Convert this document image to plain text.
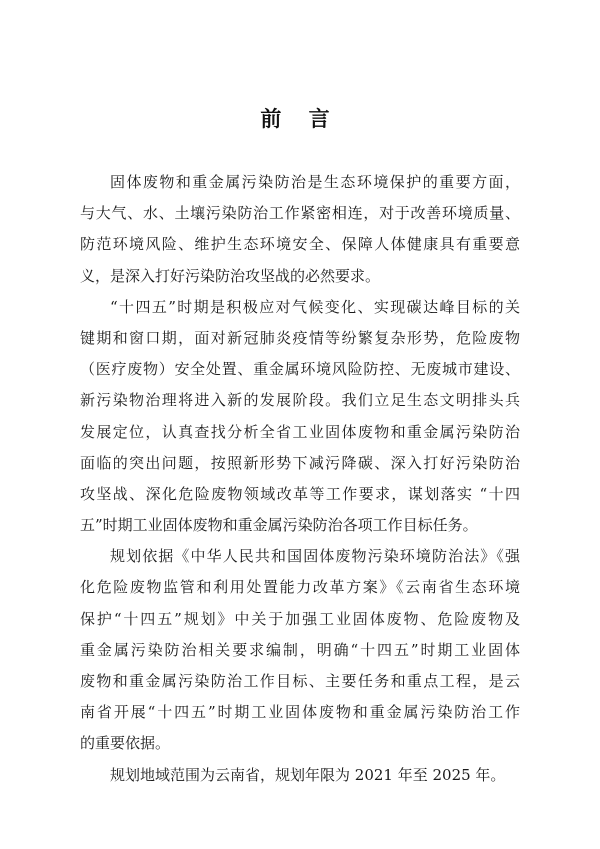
前 言
固体废物和重金属污染防治是生态环境保护的重要方面，
与大气、水、土壤污染防治工作紧密相连，对于改善环境质量、
防范环境风险、维护生态环境安全、保障人体健康具有重要意
义，是深入打好污染防治攻坚战的必然要求。
“十四五”时期是积极应对气候变化、实现碳达峰目标的关
键期和窗口期，面对新冠肺炎疫情等纷繁复杂形势，危险废物
（医疗废物）安全处置、重金属环境风险防控、无废城市建设、
新污染物治理将进入新的发展阶段。我们立足生态文明排头兵
发展定位，认真查找分析全省工业固体废物和重金属污染防治
面临的突出问题，按照新形势下减污降碳、深入打好污染防治
攻坚战、深化危险废物领域改革等工作要求，谋划落实 “十四
五”时期工业固体废物和重金属污染防治各项工作目标任务。
规划依据《中华人民共和国固体废物污染环境防治法》《强
化危险废物监管和利用处置能力改革方案》《云南省生态环境
保护“十四五”规划》中关于加强工业固体废物、危险废物及
重金属污染防治相关要求编制，明确“十四五”时期工业固体
废物和重金属污染防治工作目标、主要任务和重点工程，是云
南省开展“十四五”时期工业固体废物和重金属污染防治工作
的重要依据。
规划地域范围为云南省，规划年限为 2021 年至 2025 年。
